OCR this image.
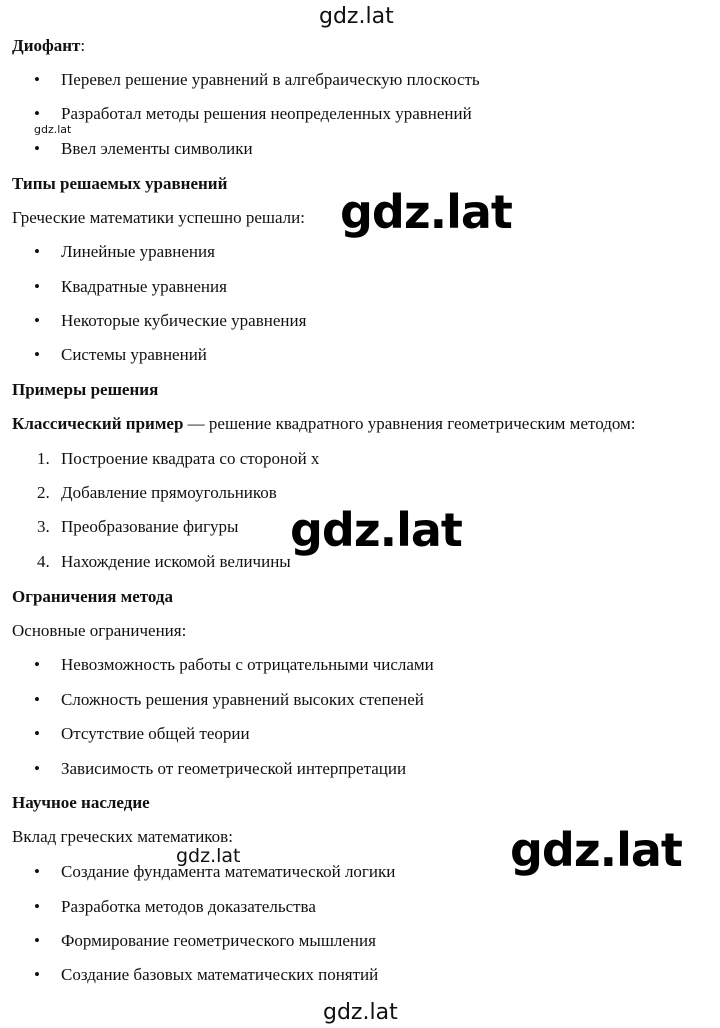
gdz.lat
Диофант:
• Перевел решение уравнений в алгебраическую плоскость
• Разработал методы решения неопределенных уравнений
gdz.lat
• Ввел элементы символики
Типы решаемых уравнений
Греческие математики успешно решали: gdz.lat
• Линейные уравнения
• Квадратные уравнения
• Некоторые кубические уравнения
• Системы уравнений
Примеры решения
Классический пример — решение квадратного уравнения геометрическим методом:
1. Построение квадрата со стороной x
2. Добавление прямоугольников
3. Преобразование фигуры
4. Нахождение искомой величины
gdz.lat
Ограничения метода
Основные ограничения:
• Невозможность работы с отрицательными числами
• Сложность решения уравнений высоких степеней
• Отсутствие общей теории
• Зависимость от геометрической интерпретации
Научное наследие
Вклад греческих математиков:
gdz.lat	gdz.lat
• Создание фундамента математической логики
• Разработка методов доказательства
• Формирование геометрического мышления
• Создание базовых математических понятий
gdz.lat
